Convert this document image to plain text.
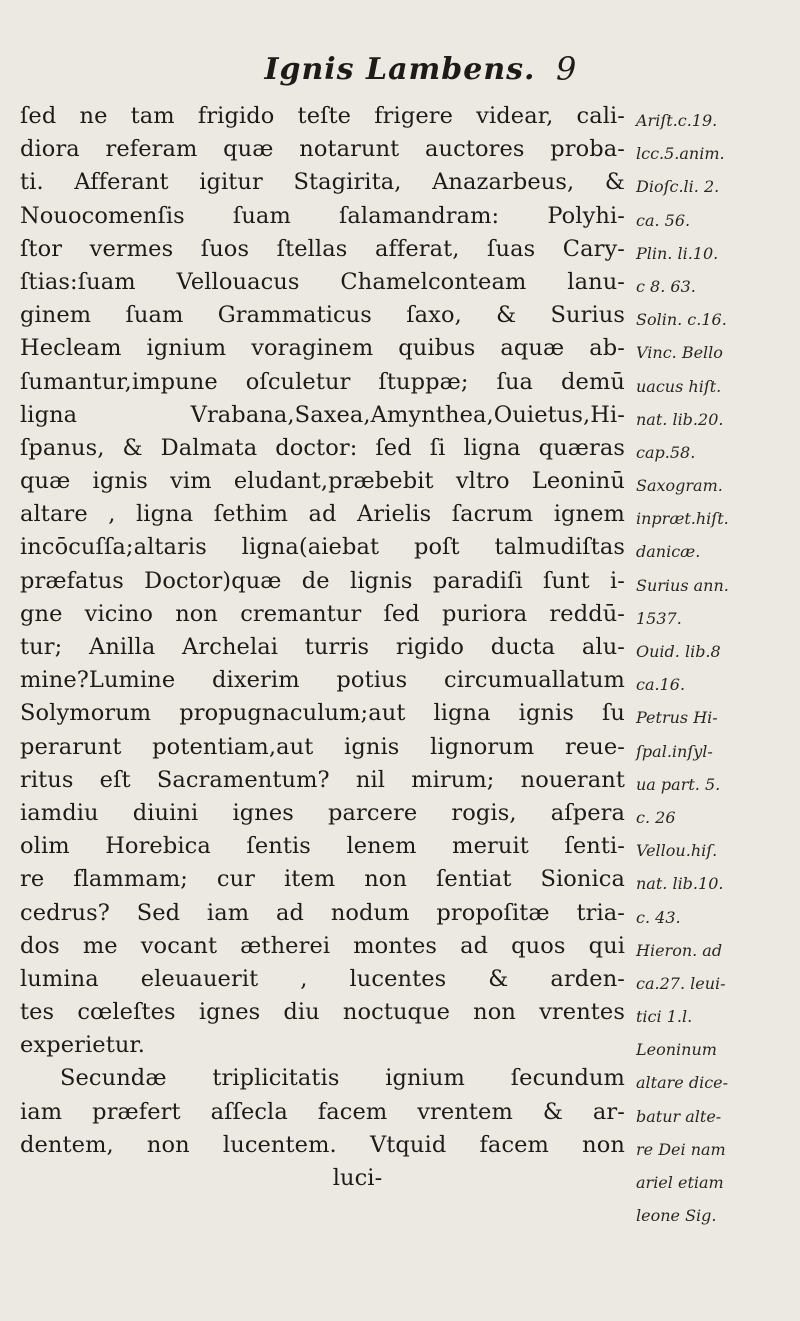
Ignis Lambens. 9
ſed ne tam frigido teſte frigere videar, cali-
diora referam quæ notarunt auctores proba-
ti. Afferant igitur Stagirita, Anazarbeus, &
Nouocomenſis ſuam ſalamandram: Polyhi-
ſtor vermes ſuos ſtellas afferat, ſuas Cary-
ſtias:ſuam Vellouacus Chamelconteam lanu-
ginem ſuam Grammaticus ſaxo, & Surius
Hecleam ignium voraginem quibus aquæ ab-
ſumantur,impune oſculetur ſtuppæ; ſua demū
ligna Vrabana,Saxea,Amynthea,Ouietus,Hi-
ſpanus, & Dalmata doctor: ſed ſi ligna quæras
quæ ignis vim eludant,præbebit vltro Leoninū
altare , ligna ſethim ad Arielis ſacrum ignem
incōcuſſa;altaris ligna(aiebat poſt talmudiſtas
præfatus Doctor)quæ de lignis paradiſi ſunt i-
gne vicino non cremantur ſed puriora reddū-
tur; Anilla Archelai turris rigido ducta alu-
mine?Lumine dixerim potius circumuallatum
Solymorum propugnaculum;aut ligna ignis ſu
perarunt potentiam,aut ignis lignorum reue-
ritus eſt Sacramentum? nil mirum; nouerant
iamdiu diuini ignes parcere rogis, aſpera
olim Horebica ſentis lenem meruit ſenti-
re flammam; cur item non ſentiat Sionica
cedrus? Sed iam ad nodum propoſitæ tria-
dos me vocant ætherei montes ad quos qui
lumina eleuauerit , lucentes & arden-
tes cœleſtes ignes diu noctuque non vrentes
experietur.
Secundæ triplicitatis ignium ſecundum
iam præfert aſſecla facem vrentem & ar-
dentem, non lucentem. Vtquid facem non
luci-
Ariſt.c.19.
lcc.5.anim.
Dioſc.li. 2.
ca. 56.
Plin. li.10.
c 8. 63.
Solin. c.16.
Vinc. Bello
uacus hiſt.
nat. lib.20.
cap.58.
Saxogram.
inpræt.hiſt.
danicæ.
Surius ann.
1537.
Ouid. lib.8
ca.16.
Petrus Hi-
ſpal.inſyl-
ua part. 5.
c. 26
Vellou.hiſ.
nat. lib.10.
c. 43.
Hieron. ad
ca.27. leui-
tici 1.l.
Leoninum
altare dice-
batur alte-
re Dei nam
ariel etiam
leone Sig.
